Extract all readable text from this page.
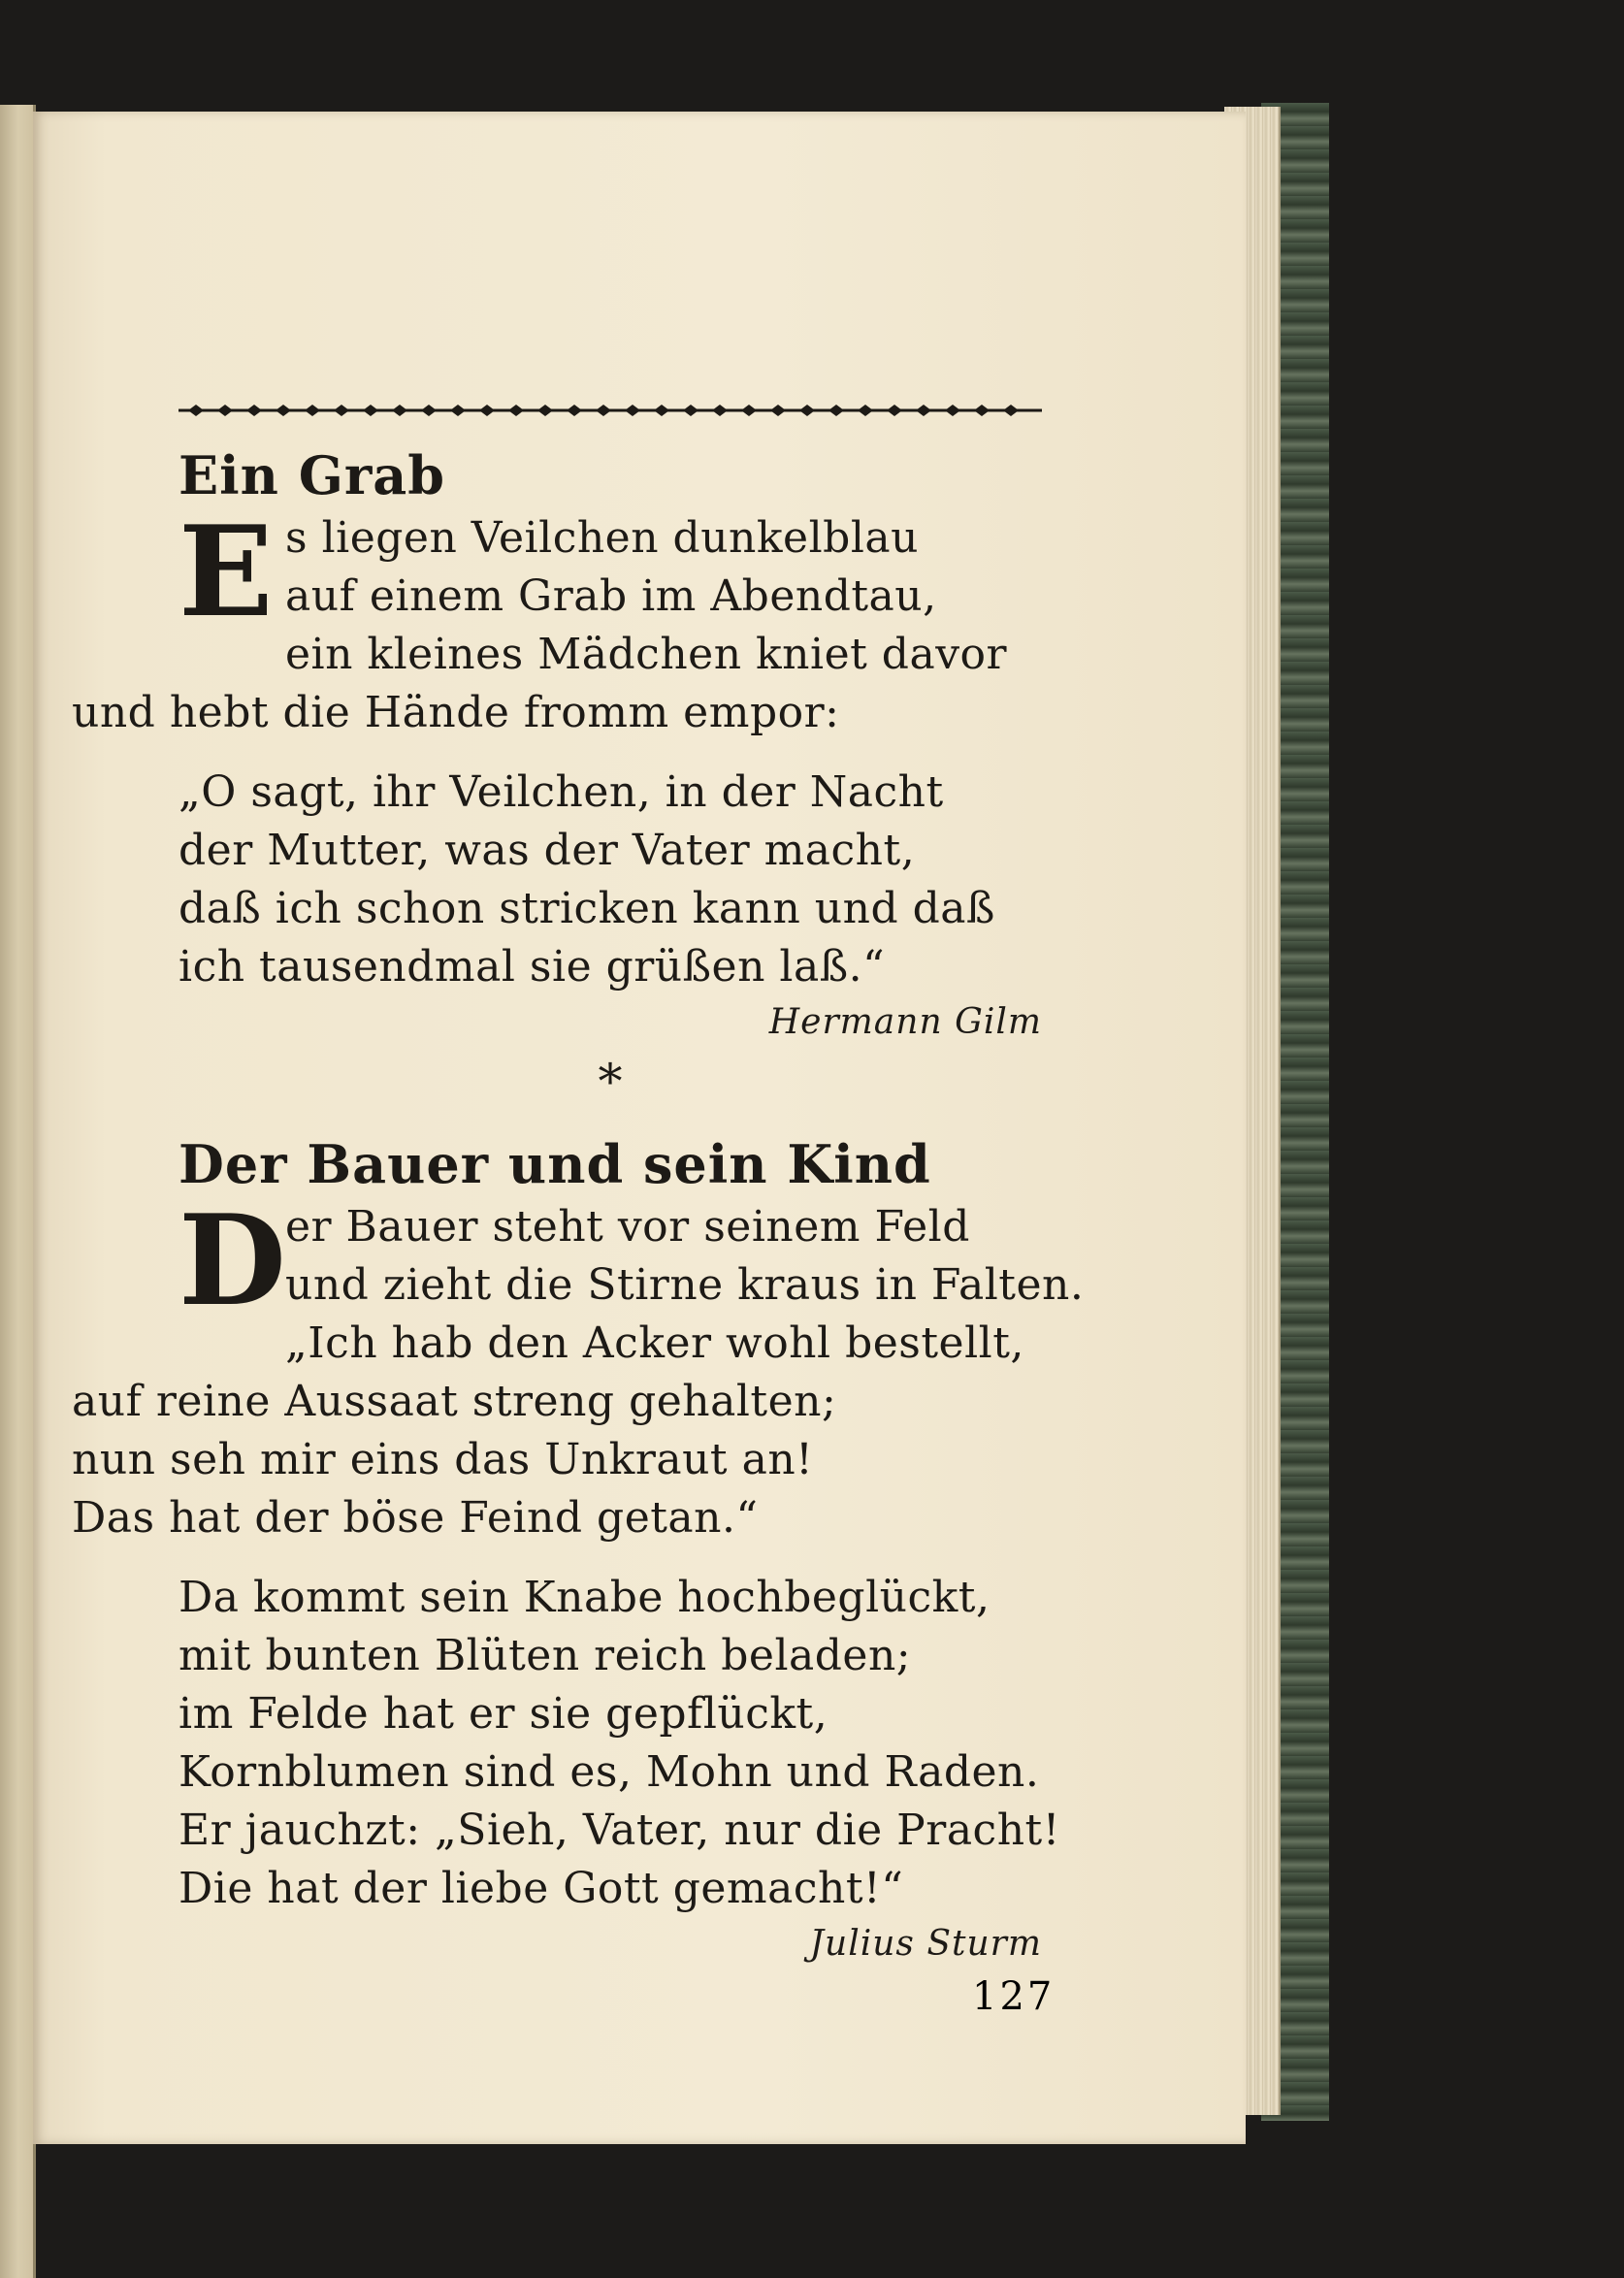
Ein Grab
E s liegen Veilchen dunkelblau
auf einem Grab im Abendtau,
ein kleines Mädchen kniet davor
und hebt die Hände fromm empor:
„O sagt, ihr Veilchen, in der Nacht
der Mutter, was der Vater macht,
daß ich schon stricken kann und daß
ich tausendmal sie grüßen laß.“
Hermann Gilm
*
Der Bauer und sein Kind
D er Bauer steht vor seinem Feld
und zieht die Stirne kraus in Falten.
„Ich hab den Acker wohl bestellt,
auf reine Aussaat streng gehalten;
nun seh mir eins das Unkraut an!
Das hat der böse Feind getan.“
Da kommt sein Knabe hochbeglückt,
mit bunten Blüten reich beladen;
im Felde hat er sie gepflückt,
Kornblumen sind es, Mohn und Raden.
Er jauchzt: „Sieh, Vater, nur die Pracht!
Die hat der liebe Gott gemacht!“
Julius Sturm
127
